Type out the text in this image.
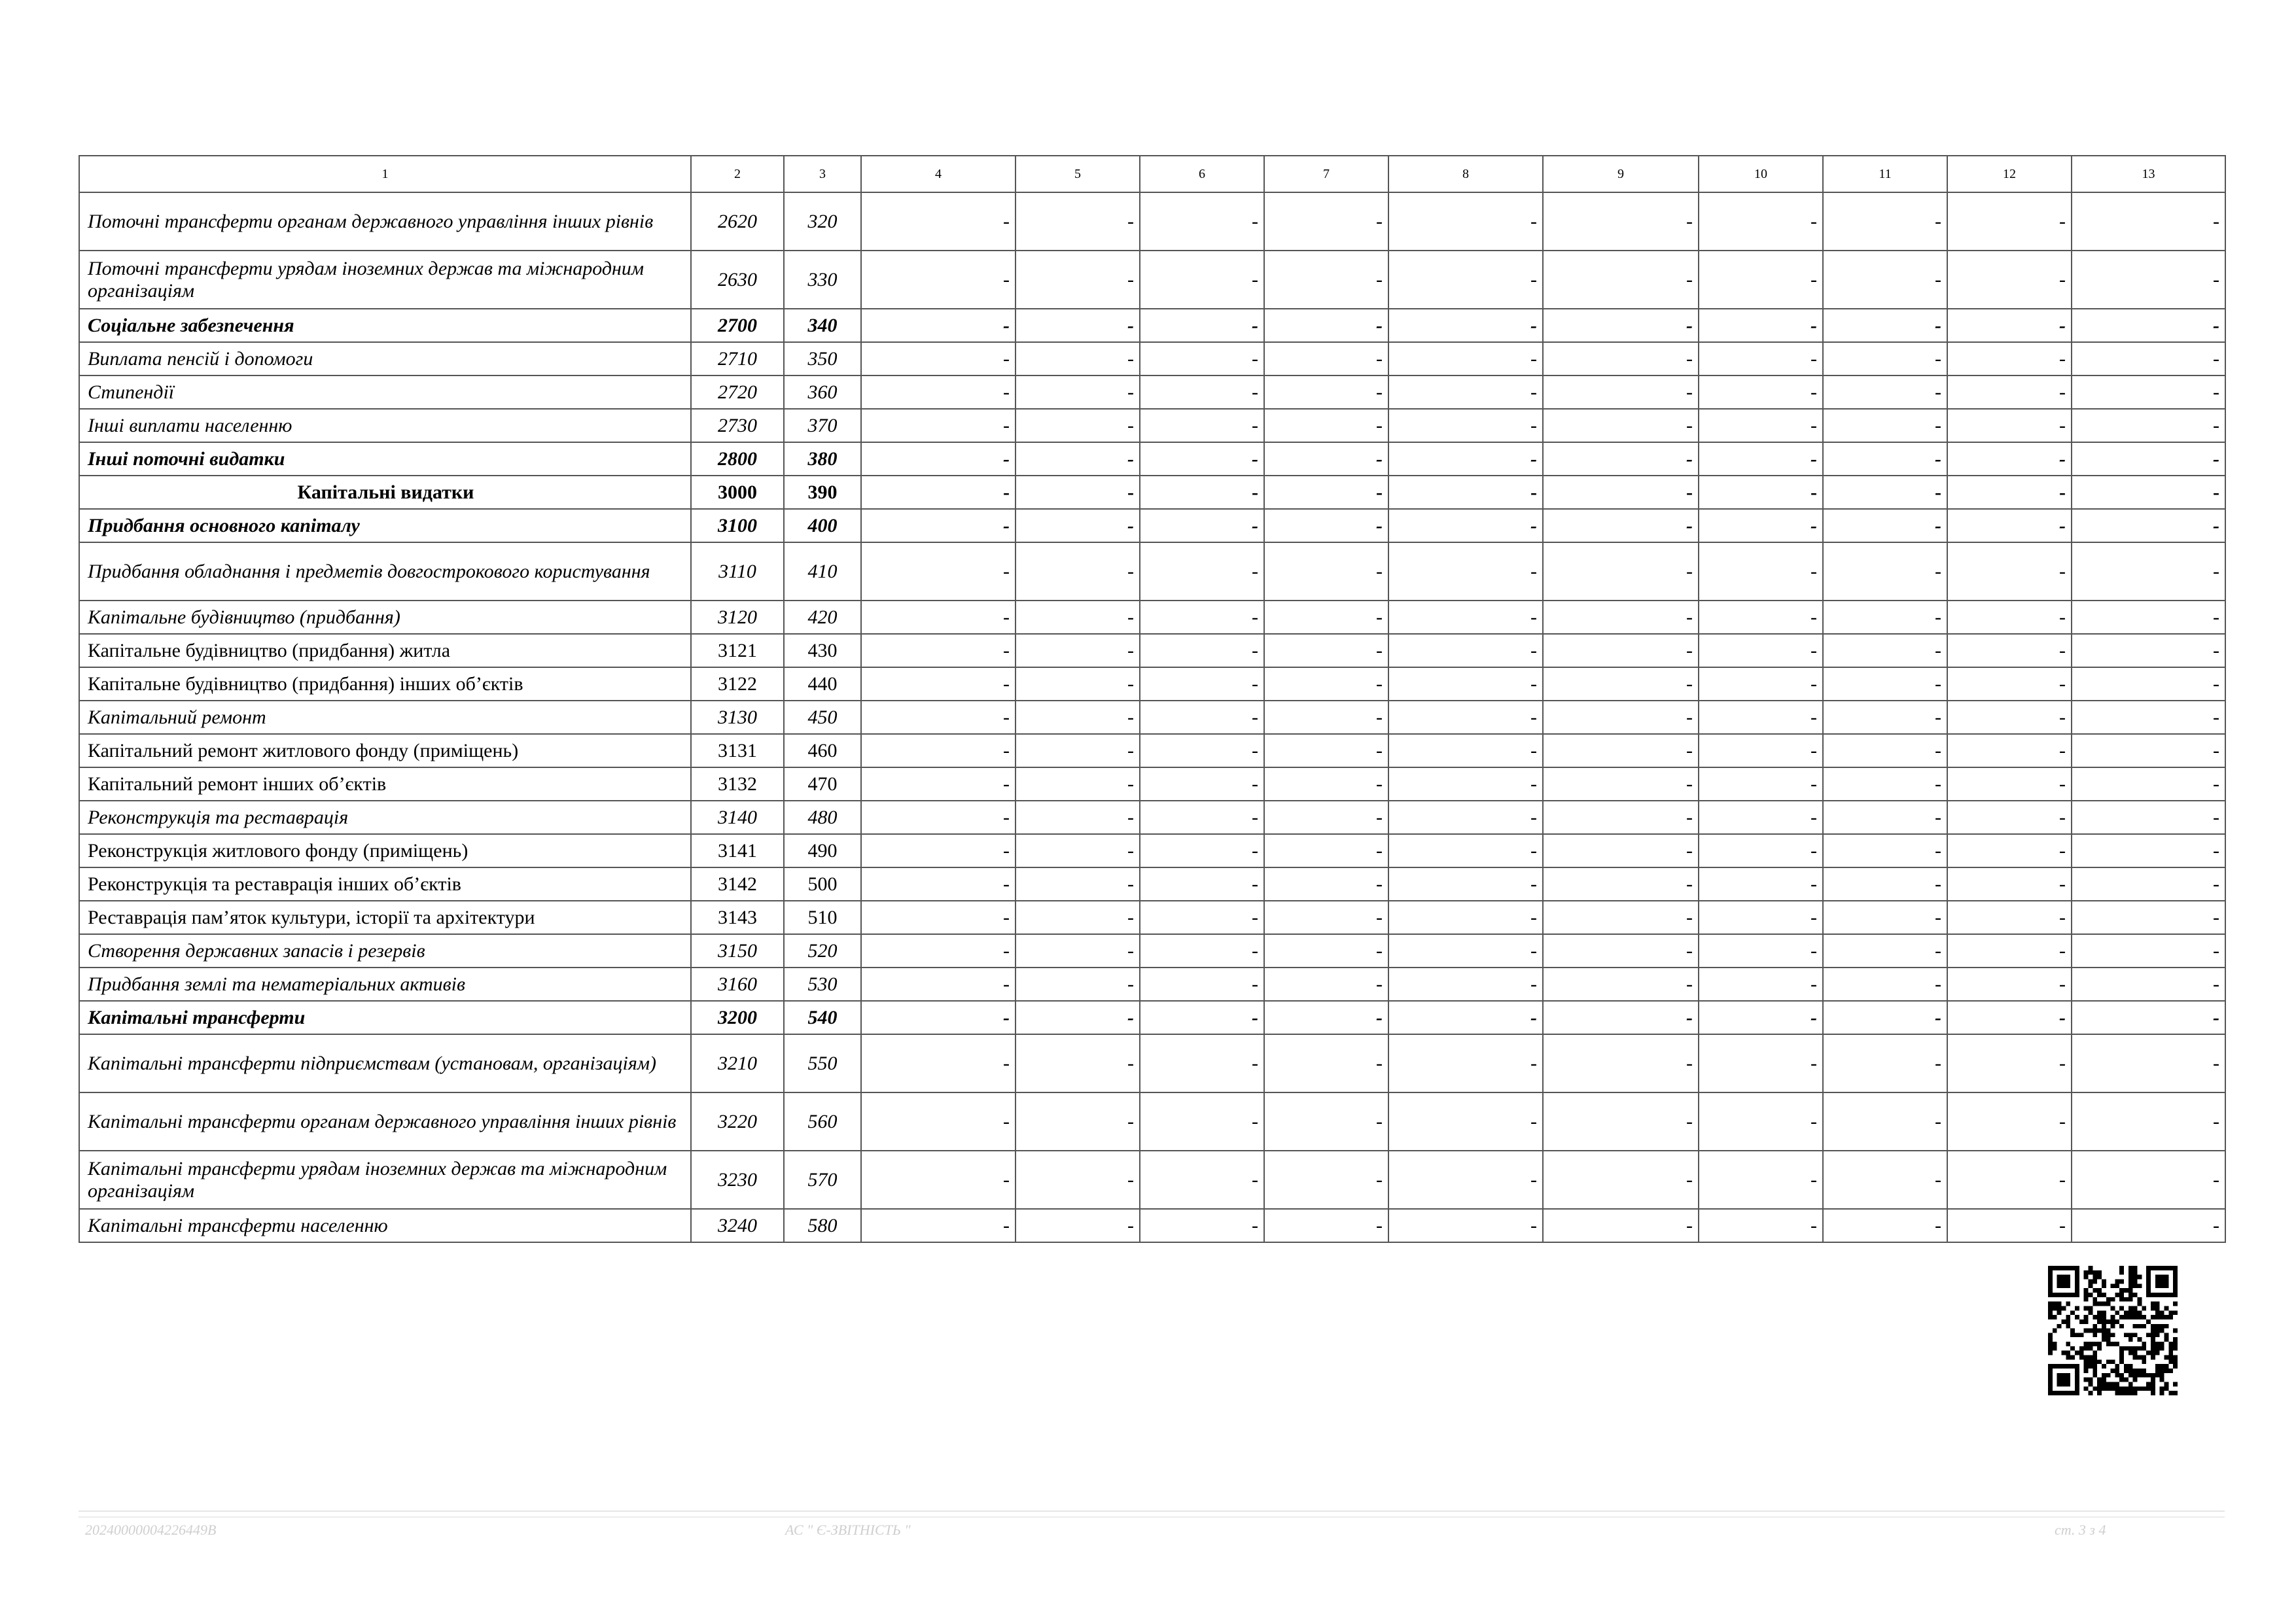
1	2	3	4	5	6	7	8	9	10	11	12	13
Поточні трансферти органам державного управління інших рівнів	2620	320	-	-	-	-	-	-	-	-	-	-
Поточні трансферти урядам іноземних держав та міжнародним організаціям	2630	330	-	-	-	-	-	-	-	-	-	-
Соціальне забезпечення	2700	340	-	-	-	-	-	-	-	-	-	-
Виплата пенсій і допомоги	2710	350	-	-	-	-	-	-	-	-	-	-
Стипендії	2720	360	-	-	-	-	-	-	-	-	-	-
Інші виплати населенню	2730	370	-	-	-	-	-	-	-	-	-	-
Інші поточні видатки	2800	380	-	-	-	-	-	-	-	-	-	-
Капітальні видатки	3000	390	-	-	-	-	-	-	-	-	-	-
Придбання основного капіталу	3100	400	-	-	-	-	-	-	-	-	-	-
Придбання обладнання і предметів довгострокового користування	3110	410	-	-	-	-	-	-	-	-	-	-
Капітальне будівництво (придбання)	3120	420	-	-	-	-	-	-	-	-	-	-
Капітальне будівництво (придбання) житла	3121	430	-	-	-	-	-	-	-	-	-	-
Капітальне будівництво (придбання) інших об’єктів	3122	440	-	-	-	-	-	-	-	-	-	-
Капітальний ремонт	3130	450	-	-	-	-	-	-	-	-	-	-
Капітальний ремонт житлового фонду (приміщень)	3131	460	-	-	-	-	-	-	-	-	-	-
Капітальний ремонт інших об’єктів	3132	470	-	-	-	-	-	-	-	-	-	-
Реконструкція та реставрація	3140	480	-	-	-	-	-	-	-	-	-	-
Реконструкція житлового фонду (приміщень)	3141	490	-	-	-	-	-	-	-	-	-	-
Реконструкція та реставрація інших об’єктів	3142	500	-	-	-	-	-	-	-	-	-	-
Реставрація пам’яток культури, історії та архітектури	3143	510	-	-	-	-	-	-	-	-	-	-
Створення державних запасів і резервів	3150	520	-	-	-	-	-	-	-	-	-	-
Придбання землі та нематеріальних активів	3160	530	-	-	-	-	-	-	-	-	-	-
Капітальні трансферти	3200	540	-	-	-	-	-	-	-	-	-	-
Капітальні трансферти підприємствам (установам, організаціям)	3210	550	-	-	-	-	-	-	-	-	-	-
Капітальні трансферти органам державного управління інших рівнів	3220	560	-	-	-	-	-	-	-	-	-	-
Капітальні трансферти урядам іноземних держав та міжнародним організаціям	3230	570	-	-	-	-	-	-	-	-	-	-
Капітальні трансферти населенню	3240	580	-	-	-	-	-	-	-	-	-	-
20240000004226449B	АС " Є-ЗВІТНІСТЬ "	ст. 3 з 4
